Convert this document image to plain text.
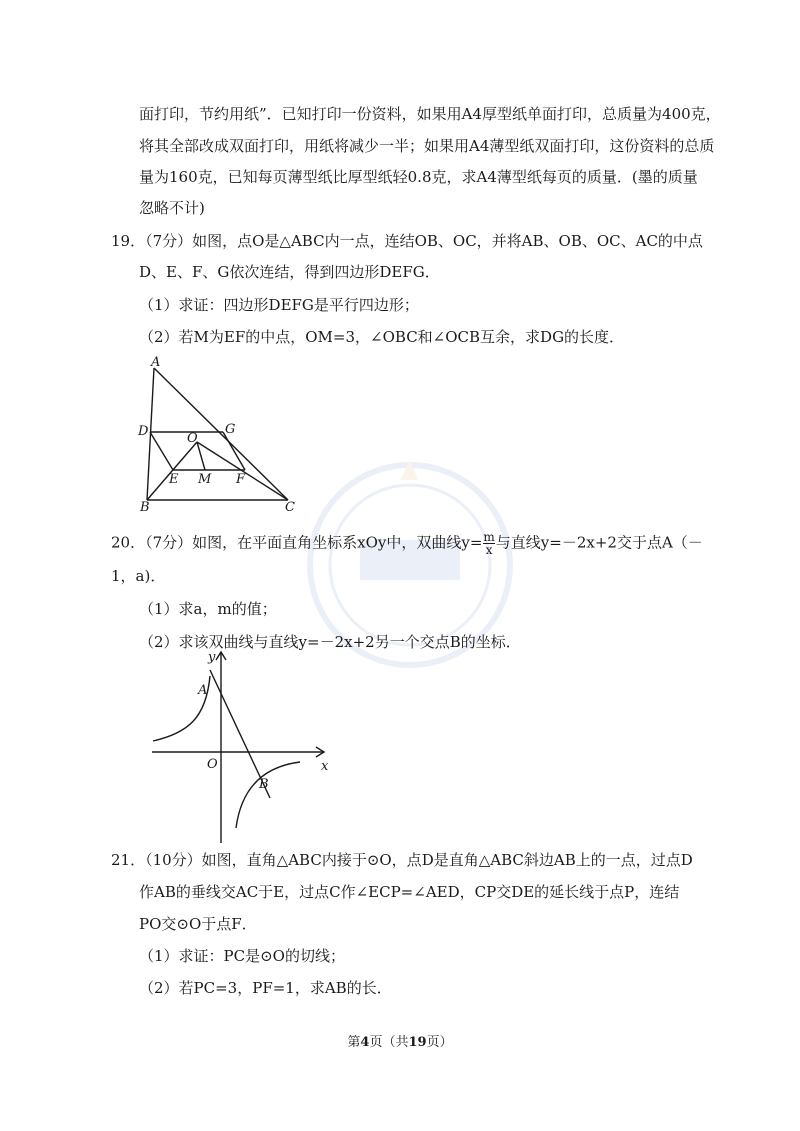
面打印，节约用纸”．已知打印一份资料，如果用A4厚型纸单面打印，总质量为400克，
将其全部改成双面打印，用纸将减少一半；如果用A4薄型纸双面打印，这份资料的总质
量为160克，已知每页薄型纸比厚型纸轻0.8克，求A4薄型纸每页的质量．(墨的质量
忽略不计)
19．（7分）如图，点O是△ABC内一点，连结OB、OC，并将AB、OB、OC、AC的中点
D、E、F、G依次连结，得到四边形DEFG．
（1）求证：四边形DEFG是平行四边形；
（2）若M为EF的中点，OM=3，∠OBC和∠OCB互余，求DG的长度．
A
D	G
O
E M F
B	C
20．（7分）如图，在平面直角坐标系xOy中，双曲线$y= \frac{m}{x}$ 与直线y=－2x+2交于点A（－
1，a)．
（1）求a，m的值；
（2）求该双曲线与直线y=－2x+2另一个交点B的坐标．
y
x
O
A
B
21．（10分）如图，直角△ABC内接于⊙O，点D是直角△ABC斜边AB上的一点，过点D
作AB的垂线交AC于E，过点C作∠ECP=∠AED，CP交DE的延长线于点P，连结
PO交⊙O于点F．
（1）求证：PC是⊙O的切线；
（2）若PC=3，PF=1，求AB的长．
第4页（共19页）
